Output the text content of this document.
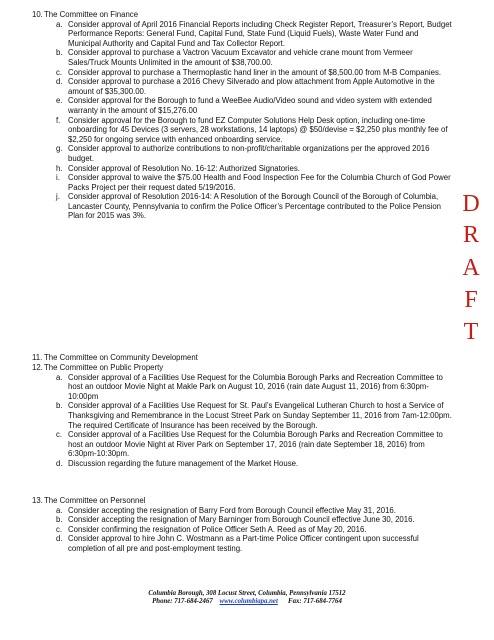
10. The Committee on Finance
a. Consider approval of April 2016 Financial Reports including Check Register Report, Treasurer’s Report, Budget Performance Reports: General Fund, Capital Fund, State Fund (Liquid Fuels), Waste Water Fund and Municipal Authority and Capital Fund and Tax Collector Report.
b. Consider approval to purchase a Vactron Vacuum Excavator and vehicle crane mount from Vermeer Sales/Truck Mounts Unlimited in the amount of $38,700.00.
c. Consider approval to purchase a Thermoplastic hand liner in the amount of $8,500.00 from M-B Companies.
d. Consider approval to purchase a 2016 Chevy Silverado and plow attachment from Apple Automotive in the amount of $35,300.00.
e. Consider approval for the Borough to fund a WeeBee Audio/Video sound and video system with extended warranty in the amount of $15,276.00
f. Consider approval for the Borough to fund EZ Computer Solutions Help Desk option, including one-time onboarding for 45 Devices (3 servers, 28 workstations, 14 laptops) @ $50/devise = $2,250 plus monthly fee of $2,250 for ongoing service with enhanced onboarding service.
g. Consider approval to authorize contributions to non-profit/charitable organizations per the approved 2016 budget.
h. Consider approval of Resolution No. 16-12: Authorized Signatories.
i.	Consider approval to waive the $75.00 Health and Food Inspection Fee for the Columbia Church of God Power Packs Project per their request dated 5/19/2016.
j.	Consider approval of Resolution 2016-14: A Resolution of the Borough Council of the Borough of Columbia, Lancaster County, Pennsylvania to confirm the Police Officer’s Percentage contributed to the Police Pension Plan for 2015 was 3%.
11. The Committee on Community Development
12. The Committee on Public Property
a. Consider approval of a Facilities Use Request for the Columbia Borough Parks and Recreation Committee to host an outdoor Movie Night at Makle Park on August 10, 2016 (rain date August 11, 2016) from 6:30pm-10:00pm
b. Consider approval of a Facilities Use Request for St. Paul’s Evangelical Lutheran Church to host a Service of Thanksgiving and Remembrance in the Locust Street Park on Sunday September 11, 2016 from 7am-12:00pm. The required Certificate of Insurance has been received by the Borough.
c. Consider approval of a Facilities Use Request for the Columbia Borough Parks and Recreation Committee to host an outdoor Movie Night at River Park on September 17, 2016 (rain date September 18, 2016) from 6:30pm-10:30pm.
d. Discussion regarding the future management of the Market House.
13. The Committee on Personnel
a. Consider accepting the resignation of Barry Ford from Borough Council effective May 31, 2016.
b. Consider accepting the resignation of Mary Barninger from Borough Council effective June 30, 2016.
c. Consider confirming the resignation of Police Officer Seth A. Reed as of May 20, 2016.
d. Consider approval to hire John C. Wostmann as a Part-time Police Officer contingent upon successful completion of all pre and post-employment testing.
D
R
A
F
T
Columbia Borough, 308 Locust Street, Columbia, Pennsylvania 17512
Phone: 717-684-2467 www.columbiapa.net Fax: 717-684-7764
